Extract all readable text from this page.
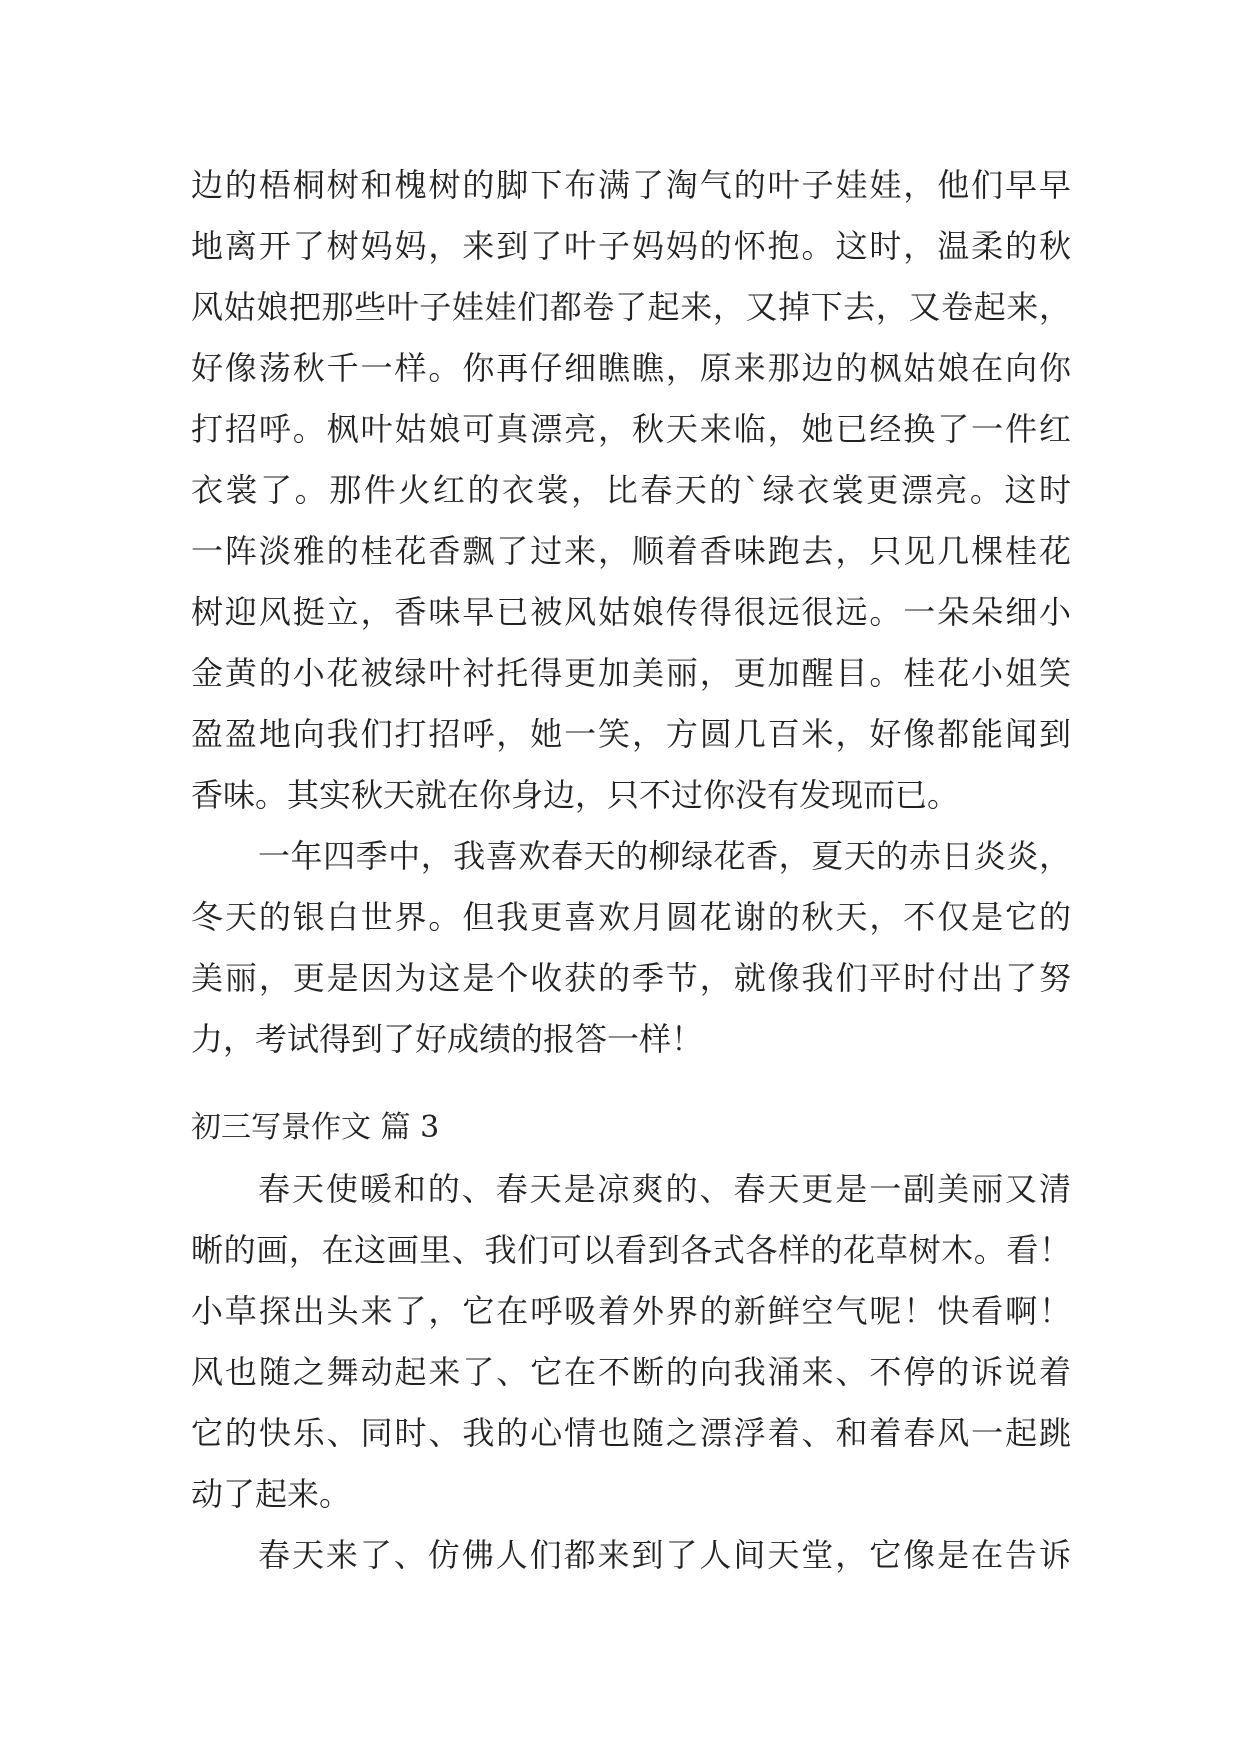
边的梧桐树和槐树的脚下布满了淘气的叶子娃娃，他们早早
地离开了树妈妈，来到了叶子妈妈的怀抱。这时，温柔的秋
风姑娘把那些叶子娃娃们都卷了起来，又掉下去，又卷起来，
好像荡秋千一样。你再仔细瞧瞧，原来那边的枫姑娘在向你
打招呼。枫叶姑娘可真漂亮，秋天来临，她已经换了一件红
衣裳了。那件火红的衣裳，比春天的`绿衣裳更漂亮。这时
一阵淡雅的桂花香飘了过来，顺着香味跑去，只见几棵桂花
树迎风挺立，香味早已被风姑娘传得很远很远。一朵朵细小
金黄的小花被绿叶衬托得更加美丽，更加醒目。桂花小姐笑
盈盈地向我们打招呼，她一笑，方圆几百米，好像都能闻到
香味。其实秋天就在你身边，只不过你没有发现而已。
一年四季中，我喜欢春天的柳绿花香，夏天的赤日炎炎，
冬天的银白世界。但我更喜欢月圆花谢的秋天，不仅是它的
美丽，更是因为这是个收获的季节，就像我们平时付出了努
力，考试得到了好成绩的报答一样！
初三写景作文 篇 3
春天使暖和的、春天是凉爽的、春天更是一副美丽又清
晰的画，在这画里、我们可以看到各式各样的花草树木。看！
小草探出头来了，它在呼吸着外界的新鲜空气呢！快看啊！
风也随之舞动起来了、它在不断的向我涌来、不停的诉说着
它的快乐、同时、我的心情也随之漂浮着、和着春风一起跳
动了起来。
春天来了、仿佛人们都来到了人间天堂，它像是在告诉
